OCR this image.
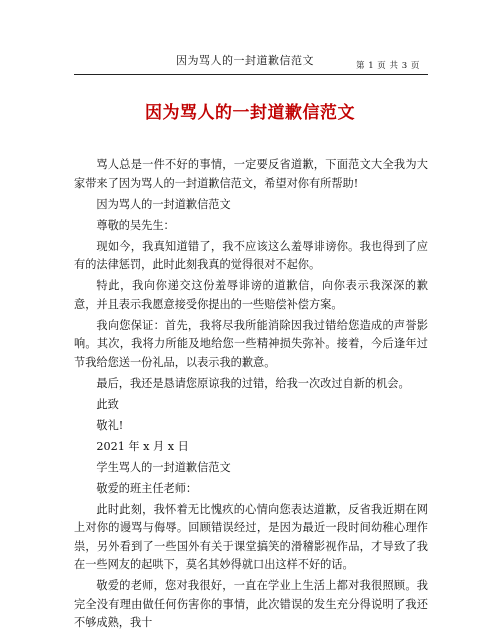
因为骂人的一封道歉信范文	第 1 页 共 3 页
因为骂人的一封道歉信范文

骂人总是一件不好的事情，一定要反省道歉，下面范文大全我为大家带来了因为骂人的一封道歉信范文，希望对你有所帮助!

因为骂人的一封道歉信范文

尊敬的吴先生：

现如今，我真知道错了，我不应该这么羞辱诽谤你。我也得到了应有的法律惩罚，此时此刻我真的觉得很对不起你。

特此，我向你递交这份羞辱诽谤的道歉信，向你表示我深深的歉意，并且表示我愿意接受你提出的一些赔偿补偿方案。

我向您保证：首先，我将尽我所能消除因我过错给您造成的声誉影响。其次，我将力所能及地给您一些精神损失弥补。接着，今后逢年过节我给您送一份礼品，以表示我的歉意。

最后，我还是恳请您原谅我的过错，给我一次改过自新的机会。

此致

敬礼!

2021 年 x 月 x 日

学生骂人的一封道歉信范文

敬爱的班主任老师：

此时此刻，我怀着无比愧疚的心情向您表达道歉，反省我近期在网上对你的谩骂与侮辱。回顾错误经过，是因为最近一段时间幼稚心理作祟，另外看到了一些国外有关于课堂搞笑的滑稽影视作品，才导致了我在一些网友的起哄下，莫名其妙得就口出这样不好的话。

敬爱的老师，您对我很好，一直在学业上生活上都对我很照顾。我完全没有理由做任何伤害你的事情，此次错误的发生充分得说明了我还不够成熟，我十
